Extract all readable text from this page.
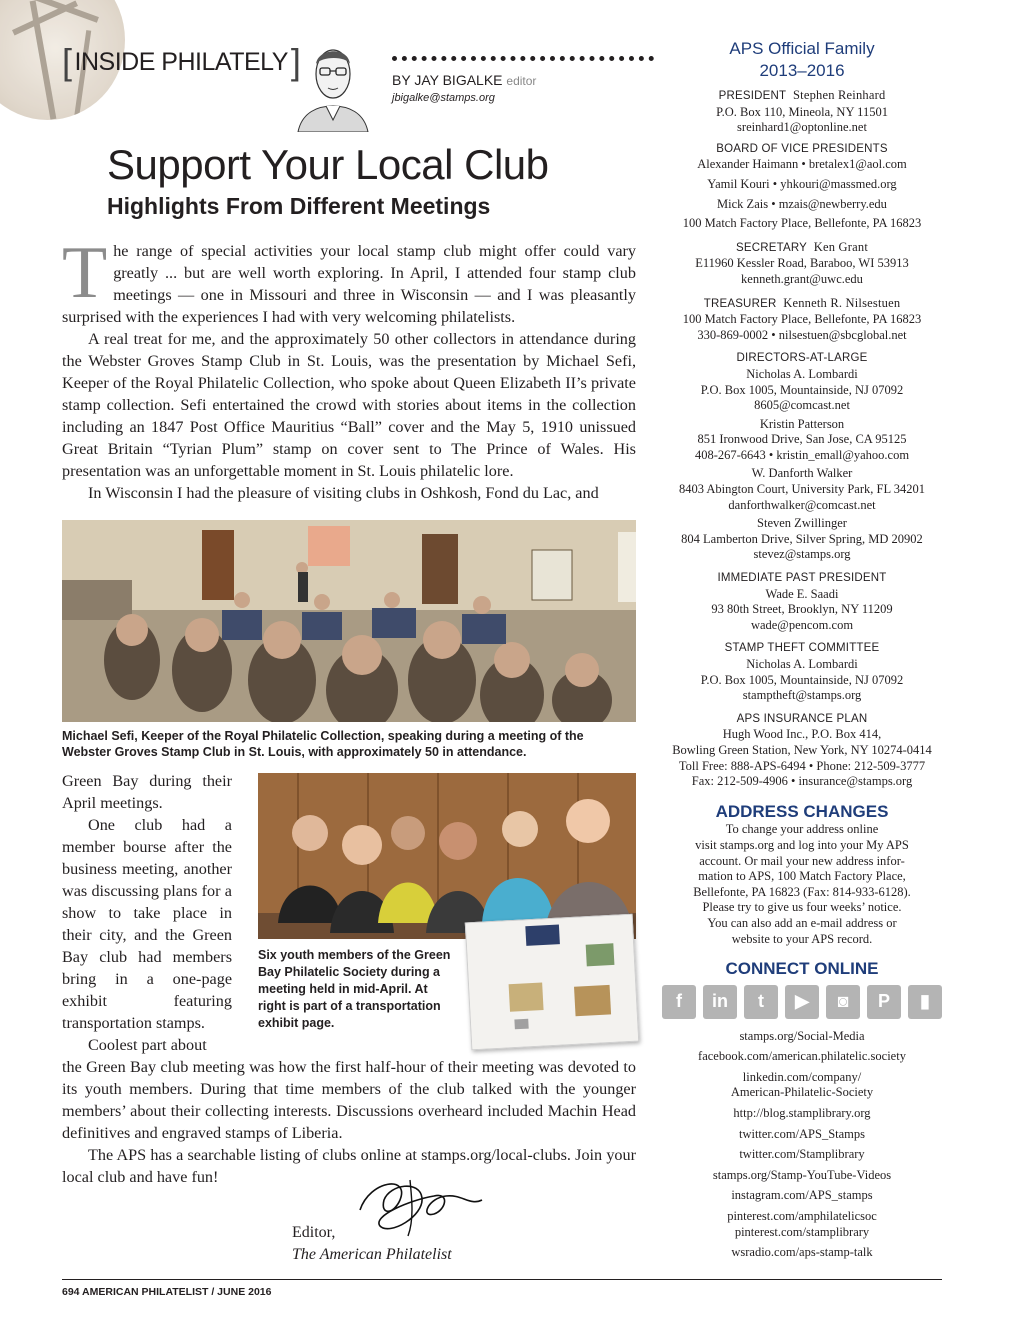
[ INSIDE PHILATELY ]	BY JAY BIGALKE editor
jbigalke@stamps.org
Support Your Local Club
Highlights From Different Meetings

T he range of special activities your local stamp club might offer could vary greatly ... but are well worth exploring. In April, I attended four stamp club meetings — one in Missouri and three in Wisconsin — and I was pleasantly surprised with the experiences I had with very welcoming philatelists.

A real treat for me, and the approximately 50 other collectors in attendance during the Webster Groves Stamp Club in St. Louis, was the presentation by Michael Sefi, Keeper of the Royal Philatelic Collection, who spoke about Queen Elizabeth II’s private stamp collection. Sefi entertained the crowd with stories about items in the collection including an 1847 Post Office Mauritius “Ball” cover and the May 5, 1910 unissued Great Britain “Tyrian Plum” stamp on cover sent to The Prince of Wales. His presentation was an unforgettable moment in St. Louis philatelic lore.

In Wisconsin I had the pleasure of visiting clubs in Oshkosh, Fond du Lac, and

Michael Sefi, Keeper of the Royal Philatelic Collection, speaking during a meeting of the Webster Groves Stamp Club in St. Louis, with approximately 50 in attendance.

Green Bay during their April meetings.

One club had a member bourse after the business meeting, another was discussing plans for a show to take place in their city, and the Green Bay club had members bring in a one-page exhibit featuring transportation stamps.

Coolest part about

Six youth members of the Green Bay Philatelic Society during a meeting held in mid-April. At right is part of a transportation exhibit page.

the Green Bay club meeting was how the first half-hour of their meeting was devoted to its youth members. During that time members of the club talked with the younger members’ about their collecting interests. Discussions overheard included Machin Head definitives and engraved stamps of Liberia.

The APS has a searchable listing of clubs online at stamps.org/local-clubs. Join your local club and have fun!

Editor,
The American Philatelist
694 AMERICAN PHILATELIST / JUNE 2016
APS Official Family
2013–2016
PRESIDENT Stephen Reinhard
P.O. Box 110, Mineola, NY 11501
sreinhard1@optonline.net
BOARD OF VICE PRESIDENTS
Alexander Haimann • bretalex1@aol.com
Yamil Kouri • yhkouri@massmed.org
Mick Zais • mzais@newberry.edu
100 Match Factory Place, Bellefonte, PA 16823
SECRETARY Ken Grant
E11960 Kessler Road, Baraboo, WI 53913
kenneth.grant@uwc.edu
TREASURER Kenneth R. Nilsestuen
100 Match Factory Place, Bellefonte, PA 16823
330-869-0002 • nilsestuen@sbcglobal.net
DIRECTORS-AT-LARGE
Nicholas A. Lombardi
P.O. Box 1005, Mountainside, NJ 07092
8605@comcast.net
Kristin Patterson
851 Ironwood Drive, San Jose, CA 95125
408-267-6643 • kristin_emall@yahoo.com
W. Danforth Walker
8403 Abington Court, University Park, FL 34201
danforthwalker@comcast.net
Steven Zwillinger
804 Lamberton Drive, Silver Spring, MD 20902
stevez@stamps.org
IMMEDIATE PAST PRESIDENT
Wade E. Saadi
93 80th Street, Brooklyn, NY 11209
wade@pencom.com
STAMP THEFT COMMITTEE
Nicholas A. Lombardi
P.O. Box 1005, Mountainside, NJ 07092
stamptheft@stamps.org
APS INSURANCE PLAN
Hugh Wood Inc., P.O. Box 414,
Bowling Green Station, New York, NY 10274-0414
Toll Free: 888-APS-6494 • Phone: 212-509-3777
Fax: 212-509-4906 • insurance@stamps.org
ADDRESS CHANGES
To change your address online
visit stamps.org and log into your My APS
account. Or mail your new address infor-
mation to APS, 100 Match Factory Place,
Bellefonte, PA 16823 (Fax: 814-933-6128).
Please try to give us four weeks’ notice.
You can also add an e-mail address or
website to your APS record.
CONNECT ONLINE
f	in	t	▶	◙	P	▮
stamps.org/Social-Media
facebook.com/american.philatelic.society
linkedin.com/company/
American-Philatelic-Society
http://blog.stamplibrary.org
twitter.com/APS_Stamps
twitter.com/Stamplibrary
stamps.org/Stamp-YouTube-Videos
instagram.com/APS_stamps
pinterest.com/amphilatelicsoc
pinterest.com/stamplibrary
wsradio.com/aps-stamp-talk
